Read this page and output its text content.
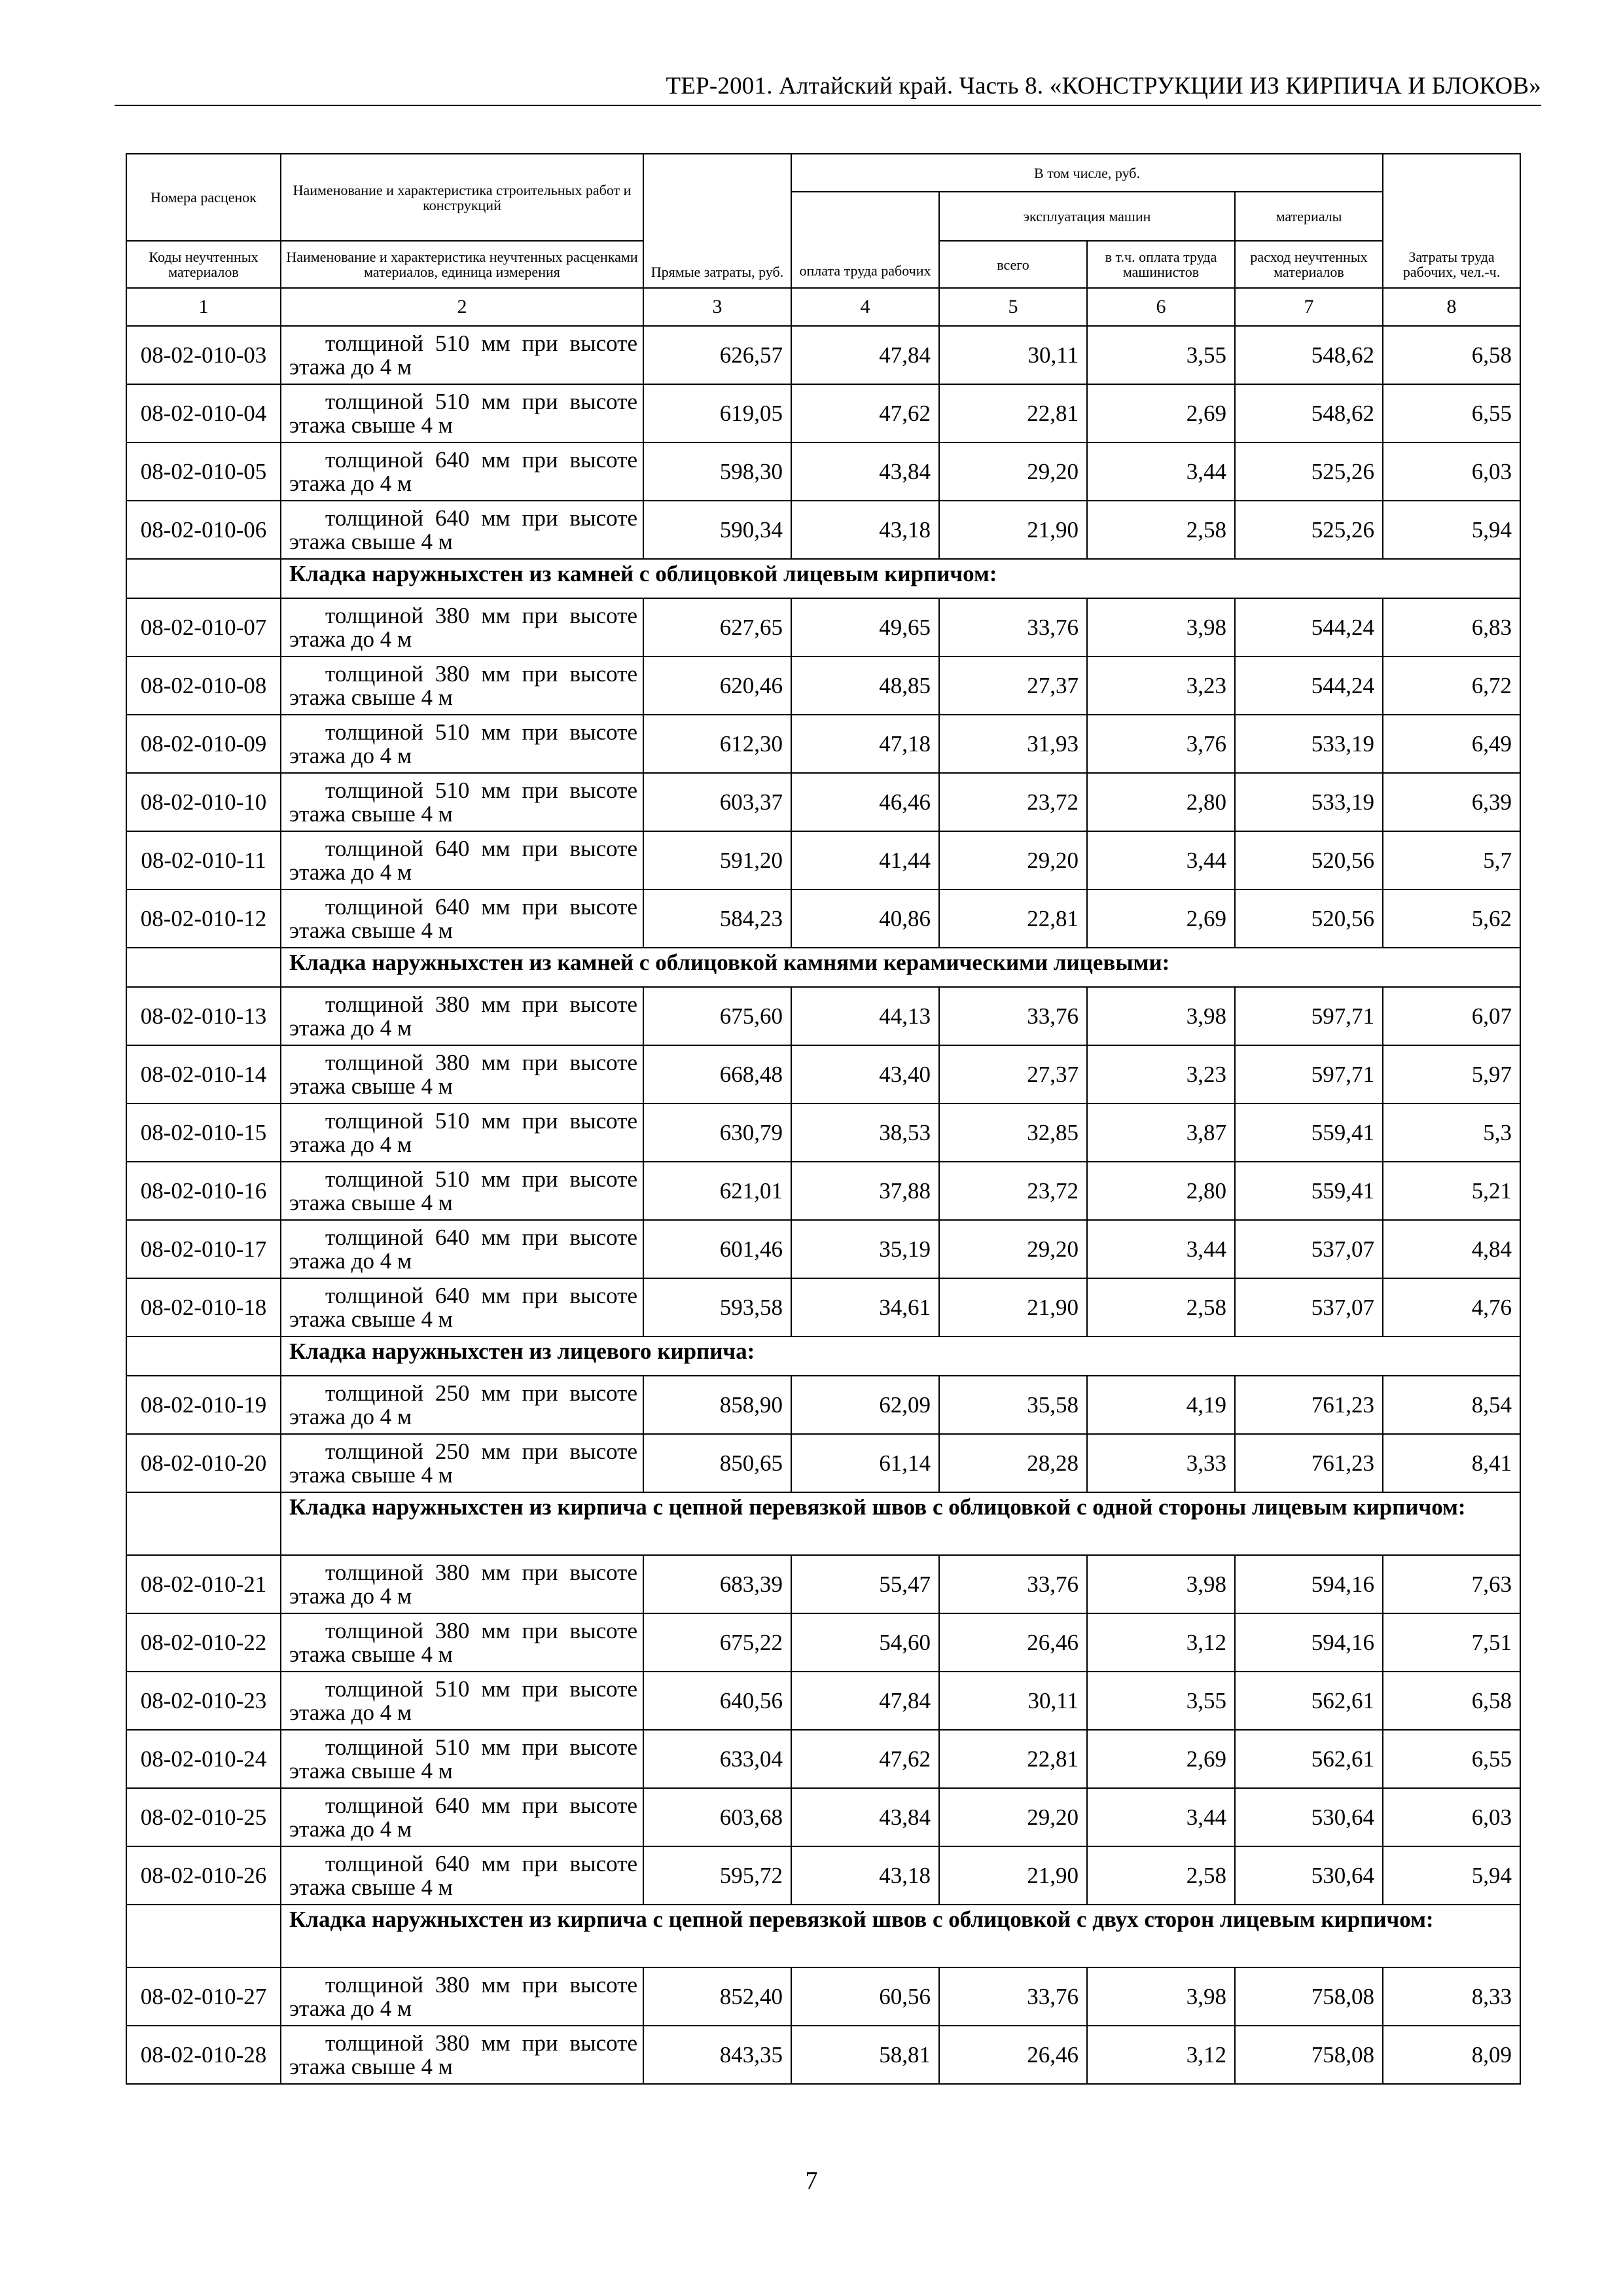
ТЕР-2001. Алтайский край. Часть 8. «КОНСТРУКЦИИ ИЗ КИРПИЧА И БЛОКОВ»
Номера расценок	Наименование и характеристика строительных работ и конструкций	Прямые затраты, руб.	В том числе, руб.				Затраты труда рабочих, чел.-ч.
			оплата труда рабочих	эксплуатация машин		материалы	
Коды неучтенных материалов	Наименование и характеристика неучтенных расценками материалов, единица измерения			всего	в т.ч. оплата труда машинистов	расход неучтенных материалов	

1	2	3	4	5	6	7	8
08-02-010-03	толщиной 510 мм при высоте
этажа до 4 м	626,57	47,84	30,11	3,55	548,62	6,58
08-02-010-04	толщиной 510 мм при высоте
этажа свыше 4 м	619,05	47,62	22,81	2,69	548,62	6,55
08-02-010-05	толщиной 640 мм при высоте
этажа до 4 м	598,30	43,84	29,20	3,44	525,26	6,03
08-02-010-06	толщиной 640 мм при высоте
этажа свыше 4 м	590,34	43,18	21,90	2,58	525,26	5,94
	Кладка наружныхстен из камней с облицовкой лицевым кирпичом:						
08-02-010-07	толщиной 380 мм при высоте
этажа до 4 м	627,65	49,65	33,76	3,98	544,24	6,83
08-02-010-08	толщиной 380 мм при высоте
этажа свыше 4 м	620,46	48,85	27,37	3,23	544,24	6,72
08-02-010-09	толщиной 510 мм при высоте
этажа до 4 м	612,30	47,18	31,93	3,76	533,19	6,49
08-02-010-10	толщиной 510 мм при высоте
этажа свыше 4 м	603,37	46,46	23,72	2,80	533,19	6,39
08-02-010-11	толщиной 640 мм при высоте
этажа до 4 м	591,20	41,44	29,20	3,44	520,56	5,7
08-02-010-12	толщиной 640 мм при высоте
этажа свыше 4 м	584,23	40,86	22,81	2,69	520,56	5,62
	Кладка наружныхстен из камней с облицовкой камнями керамическими лицевыми:						
08-02-010-13	толщиной 380 мм при высоте
этажа до 4 м	675,60	44,13	33,76	3,98	597,71	6,07
08-02-010-14	толщиной 380 мм при высоте
этажа свыше 4 м	668,48	43,40	27,37	3,23	597,71	5,97
08-02-010-15	толщиной 510 мм при высоте
этажа до 4 м	630,79	38,53	32,85	3,87	559,41	5,3
08-02-010-16	толщиной 510 мм при высоте
этажа свыше 4 м	621,01	37,88	23,72	2,80	559,41	5,21
08-02-010-17	толщиной 640 мм при высоте
этажа до 4 м	601,46	35,19	29,20	3,44	537,07	4,84
08-02-010-18	толщиной 640 мм при высоте
этажа свыше 4 м	593,58	34,61	21,90	2,58	537,07	4,76
	Кладка наружныхстен из лицевого кирпича:						
08-02-010-19	толщиной 250 мм при высоте
этажа до 4 м	858,90	62,09	35,58	4,19	761,23	8,54
08-02-010-20	толщиной 250 мм при высоте
этажа свыше 4 м	850,65	61,14	28,28	3,33	761,23	8,41
	Кладка наружныхстен из кирпича с цепной перевязкой швов с облицовкой с одной стороны лицевым кирпичом:						
08-02-010-21	толщиной 380 мм при высоте
этажа до 4 м	683,39	55,47	33,76	3,98	594,16	7,63
08-02-010-22	толщиной 380 мм при высоте
этажа свыше 4 м	675,22	54,60	26,46	3,12	594,16	7,51
08-02-010-23	толщиной 510 мм при высоте
этажа до 4 м	640,56	47,84	30,11	3,55	562,61	6,58
08-02-010-24	толщиной 510 мм при высоте
этажа свыше 4 м	633,04	47,62	22,81	2,69	562,61	6,55
08-02-010-25	толщиной 640 мм при высоте
этажа до 4 м	603,68	43,84	29,20	3,44	530,64	6,03
08-02-010-26	толщиной 640 мм при высоте
этажа свыше 4 м	595,72	43,18	21,90	2,58	530,64	5,94
	Кладка наружныхстен из кирпича с цепной перевязкой швов с облицовкой с двух сторон лицевым кирпичом:						
08-02-010-27	толщиной 380 мм при высоте
этажа до 4 м	852,40	60,56	33,76	3,98	758,08	8,33
08-02-010-28	толщиной 380 мм при высоте
этажа свыше 4 м	843,35	58,81	26,46	3,12	758,08	8,09
7
